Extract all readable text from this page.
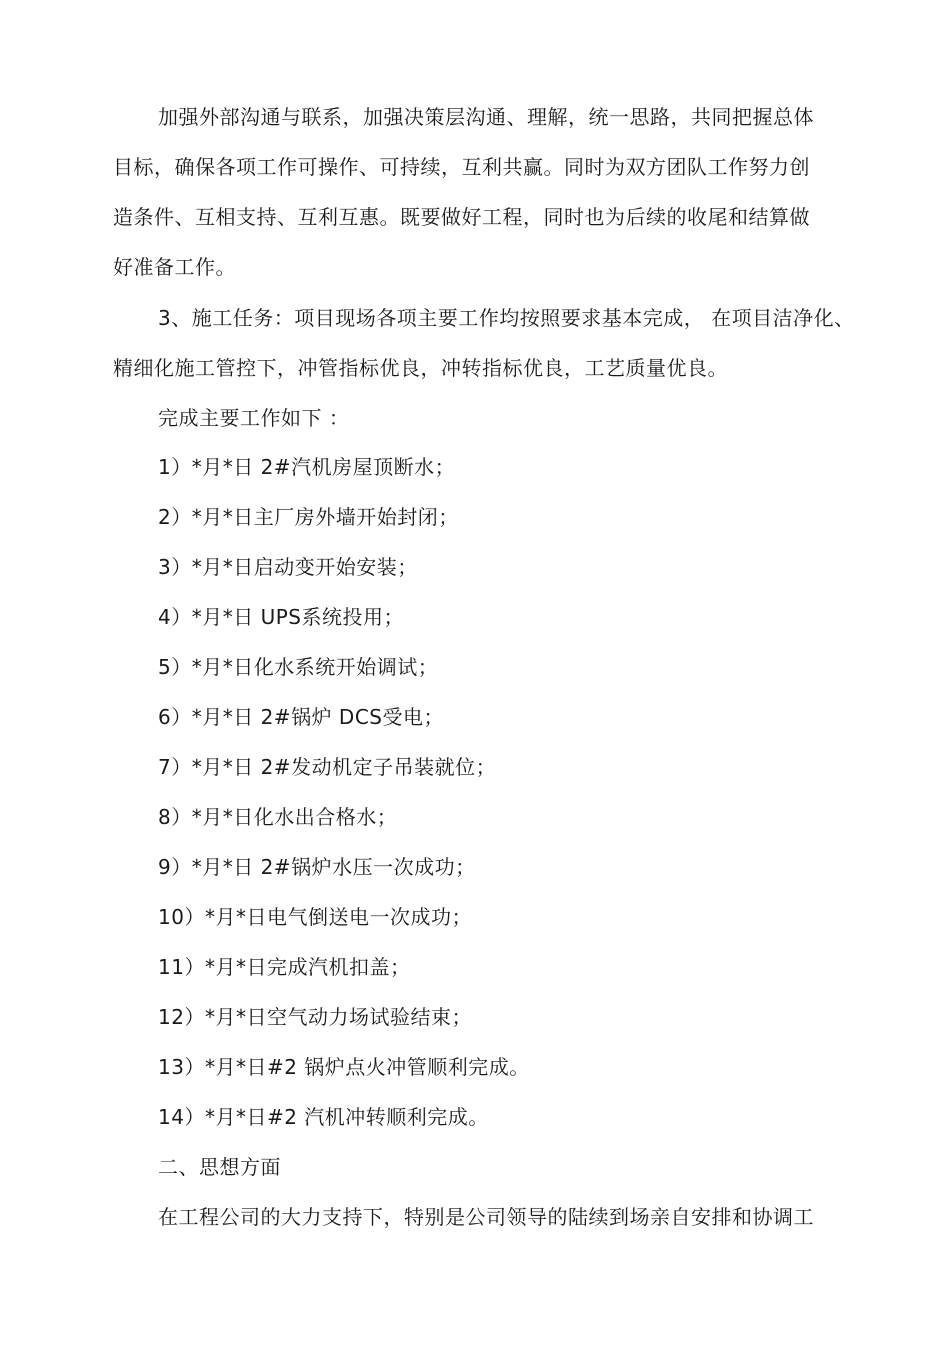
加强外部沟通与联系，加强决策层沟通、理解，统一思路，共同把握总体
目标，确保各项工作可操作、可持续，互利共赢。同时为双方团队工作努力创
造条件、互相支持、互利互惠。既要做好工程，同时也为后续的收尾和结算做
好准备工作。
3、施工任务：项目现场各项主要工作均按照要求基本完成， 在项目洁净化、
精细化施工管控下，冲管指标优良，冲转指标优良，工艺质量优良。
完成主要工作如下 ：
1）*月*日 2#汽机房屋顶断水；
2）*月*日主厂房外墙开始封闭；
3）*月*日启动变开始安装；
4）*月*日 UPS系统投用；
5）*月*日化水系统开始调试；
6）*月*日 2#锅炉 DCS受电；
7）*月*日 2#发动机定子吊装就位；
8）*月*日化水出合格水；
9）*月*日 2#锅炉水压一次成功；
10）*月*日电气倒送电一次成功；
11）*月*日完成汽机扣盖；
12）*月*日空气动力场试验结束；
13）*月*日#2 锅炉点火冲管顺利完成。
14）*月*日#2 汽机冲转顺利完成。
二、思想方面
在工程公司的大力支持下，特别是公司领导的陆续到场亲自安排和协调工
